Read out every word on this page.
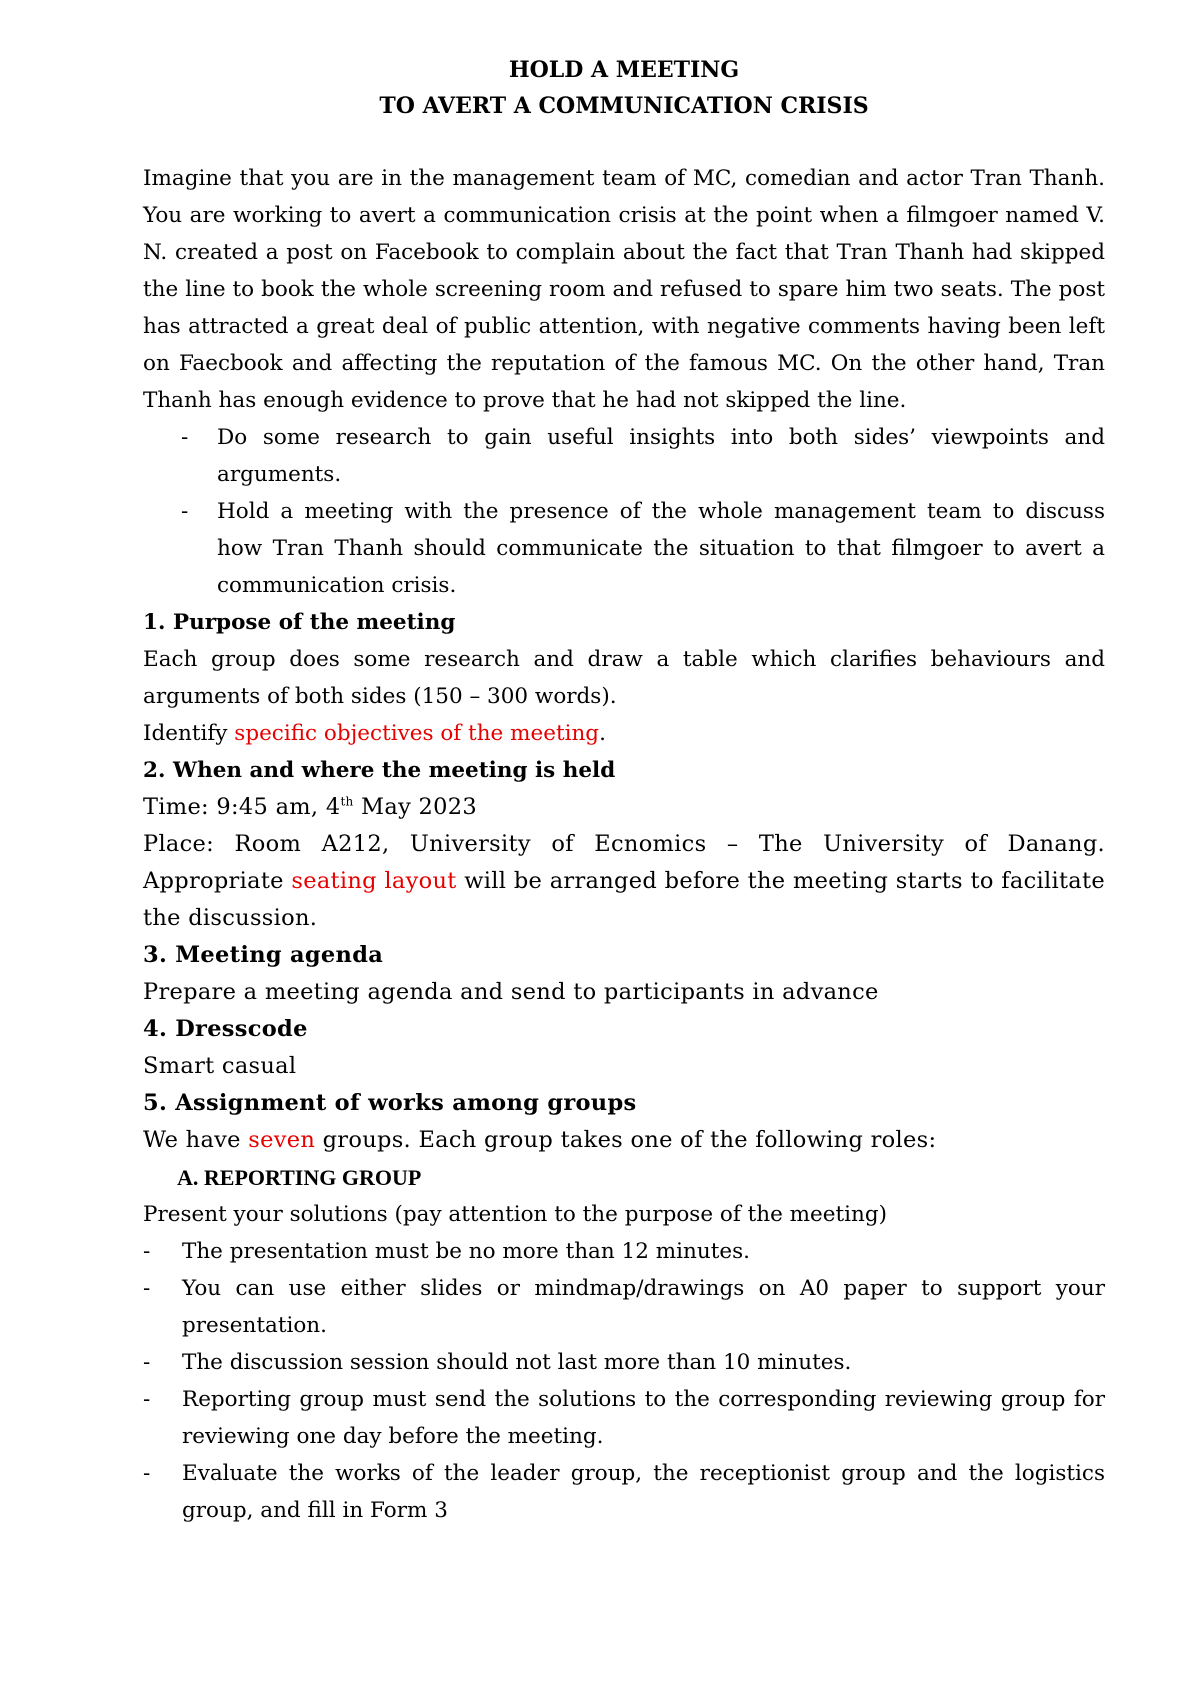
HOLD A MEETING

TO AVERT A COMMUNICATION CRISIS

Imagine that you are in the management team of MC, comedian and actor Tran Thanh. You are working to avert a communication crisis at the point when a filmgoer named V. N. created a post on Facebook to complain about the fact that Tran Thanh had skipped the line to book the whole screening room and refused to spare him two seats. The post has attracted a great deal of public attention, with negative comments having been left on Faecbook and affecting the reputation of the famous MC. On the other hand, Tran Thanh has enough evidence to prove that he had not skipped the line.

- Do some research to gain useful insights into both sides’ viewpoints and arguments.
- Hold a meeting with the presence of the whole management team to discuss how Tran Thanh should communicate the situation to that filmgoer to avert a communication crisis.

1. Purpose of the meeting

Each group does some research and draw a table which clarifies behaviours and arguments of both sides (150 – 300 words).

Identify specific objectives of the meeting.

2. When and where the meeting is held

Time: 9:45 am, 4th May 2023

Place: Room A212, University of Ecnomics – The University of Danang. Appropriate seating layout will be arranged before the meeting starts to facilitate the discussion.

3. Meeting agenda

Prepare a meeting agenda and send to participants in advance

4. Dresscode

Smart casual

5. Assignment of works among groups

We have seven groups. Each group takes one of the following roles:

A. REPORTING GROUP

Present your solutions (pay attention to the purpose of the meeting)

- The presentation must be no more than 12 minutes.
- You can use either slides or mindmap/drawings on A0 paper to support your presentation.
- The discussion session should not last more than 10 minutes.
- Reporting group must send the solutions to the corresponding reviewing group for reviewing one day before the meeting.
- Evaluate the works of the leader group, the receptionist group and the logistics group, and fill in Form 3
